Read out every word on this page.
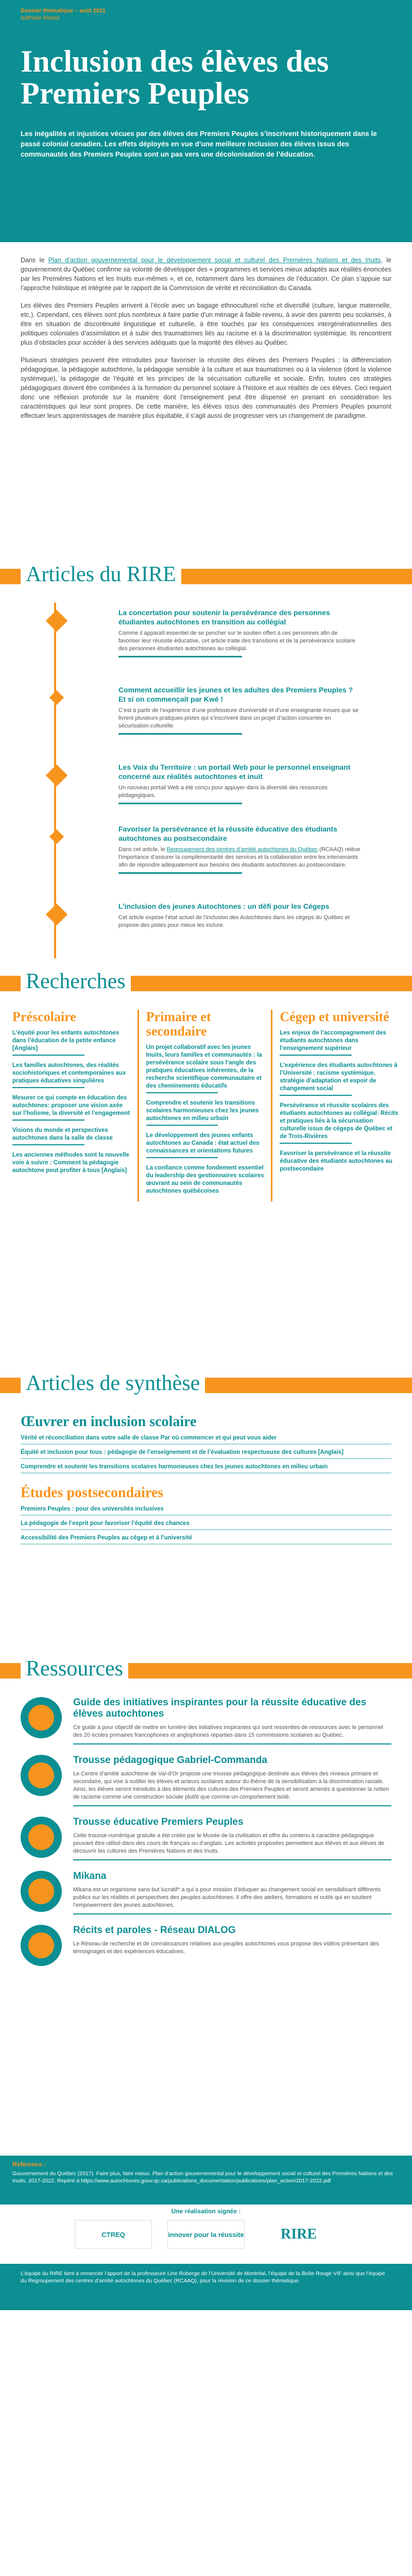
Dossier thématique – août 2021
Nathalie Maziol
Inclusion des élèves des Premiers Peuples

Les inégalités et injustices vécues par des élèves des Premiers Peuples s’inscrivent historiquement dans le passé colonial canadien. Les effets déployés en vue d’une meilleure inclusion des élèves issus des communautés des Premiers Peuples sont un pas vers une décolonisation de l’éducation.

Dans le Plan d’action gouvernemental pour le développement social et culturel des Premières Nations et des Inuits, le gouvernement du Québec confirme sa volonté de développer des « programmes et services mieux adaptés aux réalités énoncées par les Premières Nations et les Inuits eux-mêmes », et ce, notamment dans les domaines de l’éducation. Ce plan s’appuie sur l’approche holistique et intégrée par le rapport de la Commission de vérité et réconciliation du Canada.

Les élèves des Premiers Peuples arrivent à l’école avec un bagage ethnoculturel riche et diversifié (culture, langue maternelle, etc.). Cependant, ces élèves sont plus nombreux à faire partie d’un ménage à faible revenu, à avoir des parents peu scolarisés, à être en situation de discontinuité linguistique et culturelle, à être touchés par les conséquences intergénérationnelles des politiques coloniales d’assimilation et à subir des traumatismes liés au racisme et à la discrimination systémique. Ils rencontrent plus d’obstacles pour accéder à des services adéquats que la majorité des élèves au Québec.

Plusieurs stratégies peuvent être introduites pour favoriser la réussite des élèves des Premiers Peuples : la différenciation pédagogique, la pédagogie autochtone, la pédagogie sensible à la culture et aux traumatismes ou à la violence (dont la violence systémique), la pédagogie de l’équité et les principes de la sécurisation culturelle et sociale. Enfin, toutes ces stratégies pédagogiques doivent être combinées à la formation du personnel scolaire à l’histoire et aux réalités de ces élèves. Ceci requiert donc une réflexion profonde sur la manière dont l’enseignement peut être dispensé en prenant en considération les caractéristiques qui leur sont propres. De cette manière, les élèves issus des communautés des Premiers Peuples pourront effectuer leurs apprentissages de manière plus équitable, il s’agit aussi de progresser vers un changement de paradigme.

Articles du RIRE
La concertation pour soutenir la persévérance des personnes étudiantes autochtones en transition au collégial
Comme il apparaît essentiel de se pencher sur le soutien offert à ces personnes afin de favoriser leur réussite éducative, cet article traite des transitions et de la persévérance scolaire des personnes étudiantes autochtones au collégial.
Comment accueillir les jeunes et les adultes des Premiers Peuples ? Et si on commençait par Kwé !
C’est à partir de l’expérience d’une professeure d’université et d’une enseignante innues que se livrent plusieurs pratiques-pistes qui s’inscrivent dans un projet d’action concertée en sécurisation culturelle.
Les Voix du Territoire : un portail Web pour le personnel enseignant concerné aux réalités autochtones et inuit
Un nouveau portail Web a été conçu pour appuyer dans la diversité des ressources pédagogiques.
Favoriser la persévérance et la réussite éducative des étudiants autochtones au postsecondaire
Dans cet article, le Regroupement des centres d’amitié autochtones du Québec (RCAAQ) relève l’importance d’assurer la complémentarité des services et la collaboration entre les intervenants afin de répondre adéquatement aux besoins des étudiants autochtones au postsecondaire.
L’inclusion des jeunes Autochtones : un défi pour les Cégeps
Cet article expose l’état actuel de l’inclusion des Autochtones dans les cégeps du Québec et propose des pistes pour mieux les inclure.
Recherches
Préscolaire
L’équité pour les enfants autochtones dans l’éducation de la petite enfance [Anglais]
Les familles autochtones, des réalités sociohistoriques et contemporaines aux pratiques éducatives singulières
Mesurer ce qui compte en éducation des autochtones: proposer une vision axée sur l’holisme, la diversité et l’engagement
Visions du monde et perspectives autochtones dans la salle de classe
Les anciennes méthodes sont la nouvelle voie à suivre : Comment la pédagogie autochtone peut profiter à tous [Anglais]
Primaire et secondaire
Un projet collaboratif avec les jeunes Inuits, leurs familles et communautés : la persévérance scolaire sous l’angle des pratiques éducatives inhérentes, de la recherche scientifique communautaire et des cheminements éducatifs
Comprendre et soutenir les transitions scolaires harmonieuses chez les jeunes autochtones en milieu urbain
Le développement des jeunes enfants autochtones au Canada : état actuel des connaissances et orientations futures
La confiance comme fondement essentiel du leadership des gestionnaires scolaires œuvrant au sein de communautés autochtones québécoises
Cégep et université
Les enjeux de l’accompagnement des étudiants autochtones dans l’enseignement supérieur
L’expérience des étudiants autochtones à l’Université : racisme systémique, stratégie d’adaptation et espoir de changement social
Persévérance et réussite scolaires des étudiants autochtones au collégial: Récits et pratiques liés à la sécurisation culturelle issus de cégeps de Québec et de Trois-Rivières
Favoriser la persévérance et la réussite éducative des étudiants autochtones au postsecondaire
Articles de synthèse
Œuvrer en inclusion scolaire
Vérité et réconciliation dans votre salle de classe Par où commencer et qui peut vous aider
Équité et inclusion pour tous : pédagogie de l’enseignement et de l’évaluation respectueuse des cultures [Anglais]
Comprendre et soutenir les transitions scolaires harmonieuses chez les jeunes autochtones en milieu urbain
Études postsecondaires
Premiers Peuples : pour des universités inclusives
La pédagogie de l’esprit pour favoriser l’équité des chances
Accessibilité des Premiers Peuples au cégep et à l’université
Ressources
Guide des initiatives inspirantes pour la réussite éducative des élèves autochtones
Ce guide a pour objectif de mettre en lumière des initiatives inspirantes qui sont ressenties de ressources avec le personnel des 20 écoles primaires francophones et anglophones réparties dans 15 commissions scolaires au Québec.
Trousse pédagogique Gabriel-Commanda
Le Centre d’amitié autochtone de Val-d’Or propose une trousse pédagogique destinée aux élèves des niveaux primaire et secondaire, qui vise à outiller les élèves et acteurs scolaires autour du thème de la sensibilisation à la discrimination raciale. Ainsi, les élèves seront introduits à des éléments des cultures des Premiers Peuples et seront amenés à questionner la notion de racisme comme une construction sociale plutôt que comme un comportement isolé.
Trousse éducative Premiers Peuples
Cette trousse numérique gratuite a été créée par le Musée de la civilisation et offre du contenu à caractère pédagogique pouvant être utilisé dans des cours de français ou d’anglais. Les activités proposées permettent aux élèves et aux élèves de découvrir les cultures des Premières Nations et des Inuits.
Mikana
Mikana est un organisme sans but lucratif* a qui a pour mission d’éduquer au changement social en sensibilisant différents publics sur les réalités et perspectives des peuples autochtones. Il offre des ateliers, formations et outils qui en soutient l’empowerment des jeunes autochtones.
Récits et paroles - Réseau DIALOG
Le Réseau de recherche et de connaissances relatives aux peuples autochtones vous propose des vidéos présentant des témoignages et des expériences éducatives.
Référence :

Gouvernement du Québec (2017). Faire plus, faire mieux. Plan d’action gouvernemental pour le développement social et culturel des Premières Nations et des Inuits, 2017-2022. Repéré à https://www.autochtones.gouv.qc.ca/publications_documentation/publications/plan_action/2017-2022.pdf

Une réalisation signée :
CTREQ	innover pour la réussite	RIRE
L’équipe du RIRE tient à remercier l’apport de la professeure Line Roberge de l’Université de Montréal, l’équipe de la Boîte Rouge VIF ainsi que l’équipe du Regroupement des centres d’amitié autochtones du Québec (RCAAQ), pour la révision de ce dossier thématique.
